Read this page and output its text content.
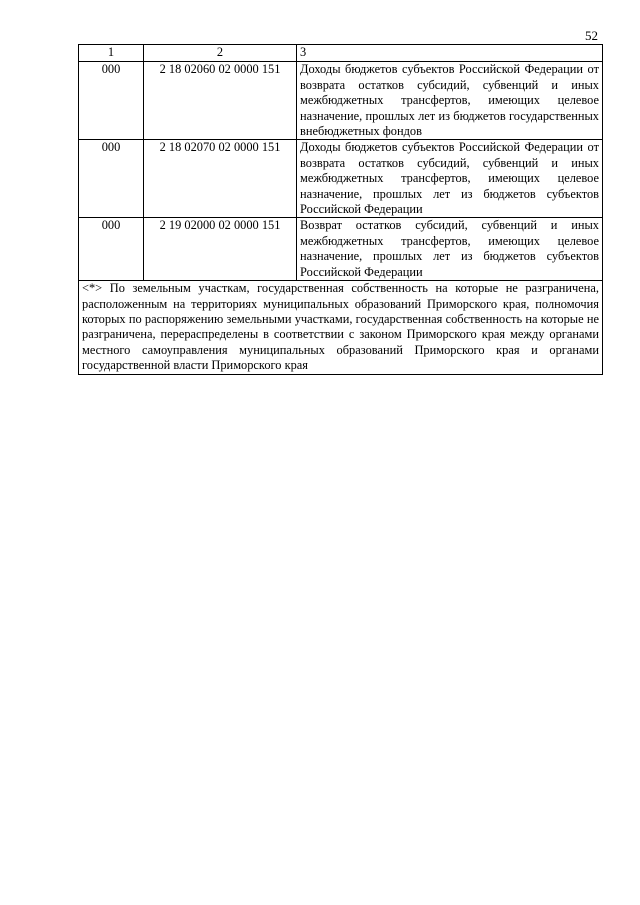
52
1	2	3
000	2 18 02060 02 0000 151	Доходы бюджетов субъектов Российской Федерации от возврата остатков субсидий, субвенций и иных межбюджетных трансфертов, имеющих целевое назначение, прошлых лет из бюджетов государственных внебюджетных фондов
000	2 18 02070 02 0000 151	Доходы бюджетов субъектов Российской Федерации от возврата остатков субсидий, субвенций и иных межбюджетных трансфертов, имеющих целевое назначение, прошлых лет из бюджетов субъектов Российской Федерации
000	2 19 02000 02 0000 151	Возврат остатков субсидий, субвенций и иных межбюджетных трансфертов, имеющих целевое назначение, прошлых лет из бюджетов субъектов Российской Федерации
<*> По земельным участкам, государственная собственность на которые не разграничена, расположенным на территориях муниципальных образований Приморского края, полномочия которых по распоряжению земельными участками, государственная собственность на которые не разграничена, перераспределены в соответствии с законом Приморского края между органами местного самоуправления муниципальных образований Приморского края и органами государственной власти Приморского края		
